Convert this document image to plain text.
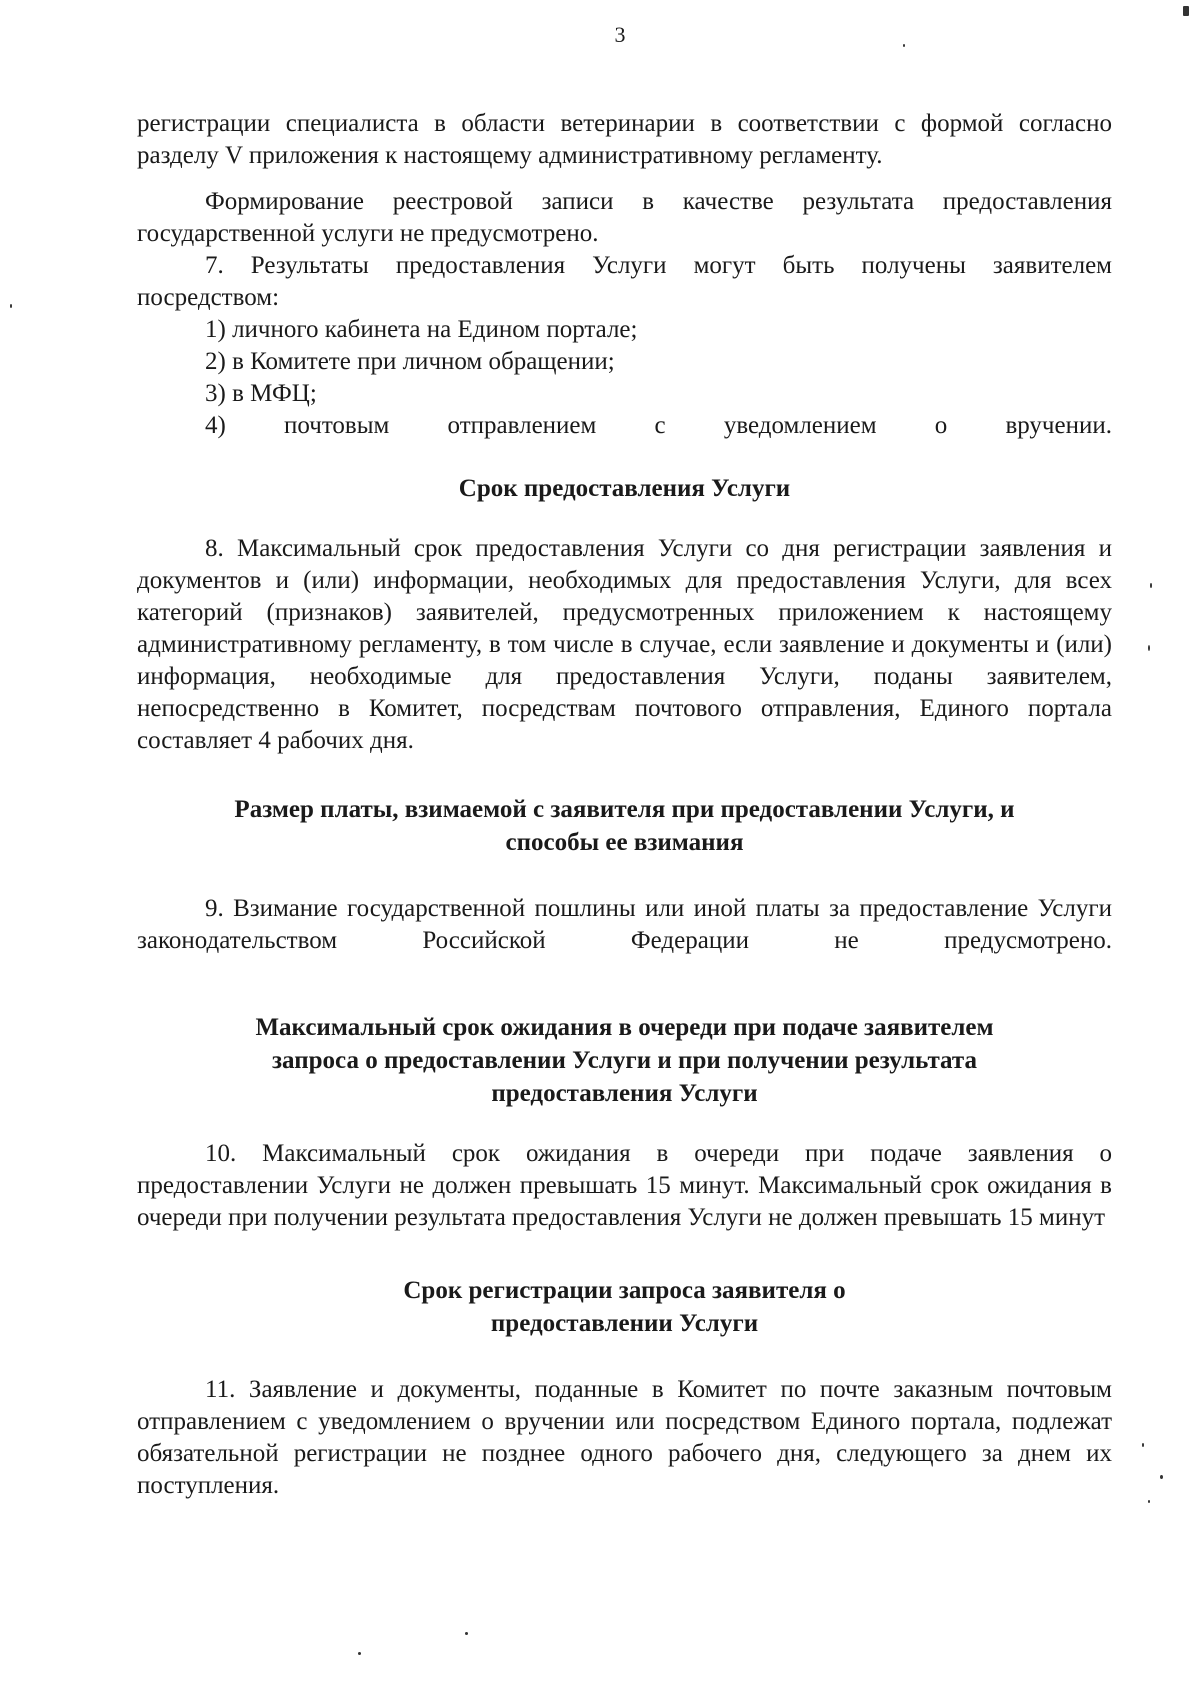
3

регистрации специалиста в области ветеринарии в соответствии с формой согласно разделу V приложения к настоящему административному регламенту.

Формирование реестровой записи в качестве результата предоставления государственной услуги не предусмотрено.

7. Результаты предоставления Услуги могут быть получены заявителем посредством:

1) личного кабинета на Едином портале;

2) в Комитете при личном обращении;

3) в МФЦ;

4) почтовым отправлением с уведомлением о вручении.

Срок предоставления Услуги

8. Максимальный срок предоставления Услуги со дня регистрации заявления и документов и (или) информации, необходимых для предоставления Услуги, для всех категорий (признаков) заявителей, предусмотренных приложением к настоящему административному регламенту, в том числе в случае, если заявление и документы и (или) информация, необходимые для предоставления Услуги, поданы заявителем, непосредственно в Комитет, посредствам почтового отправления, Единого портала составляет 4 рабочих дня.

Размер платы, взимаемой с заявителя при предоставлении Услуги, и
способы ее взимания

9. Взимание государственной пошлины или иной платы за предоставление Услуги законодательством Российской Федерации не предусмотрено.

Максимальный срок ожидания в очереди при подаче заявителем
запроса о предоставлении Услуги и при получении результата
предоставления Услуги

10. Максимальный срок ожидания в очереди при подаче заявления о предоставлении Услуги не должен превышать 15 минут. Максимальный срок ожидания в очереди при получении результата предоставления Услуги не должен превышать 15 минут

Срок регистрации запроса заявителя о
предоставлении Услуги

11. Заявление и документы, поданные в Комитет по почте заказным почтовым отправлением с уведомлением о вручении или посредством Единого портала, подлежат обязательной регистрации не позднее одного рабочего дня, следующего за днем их поступления.
